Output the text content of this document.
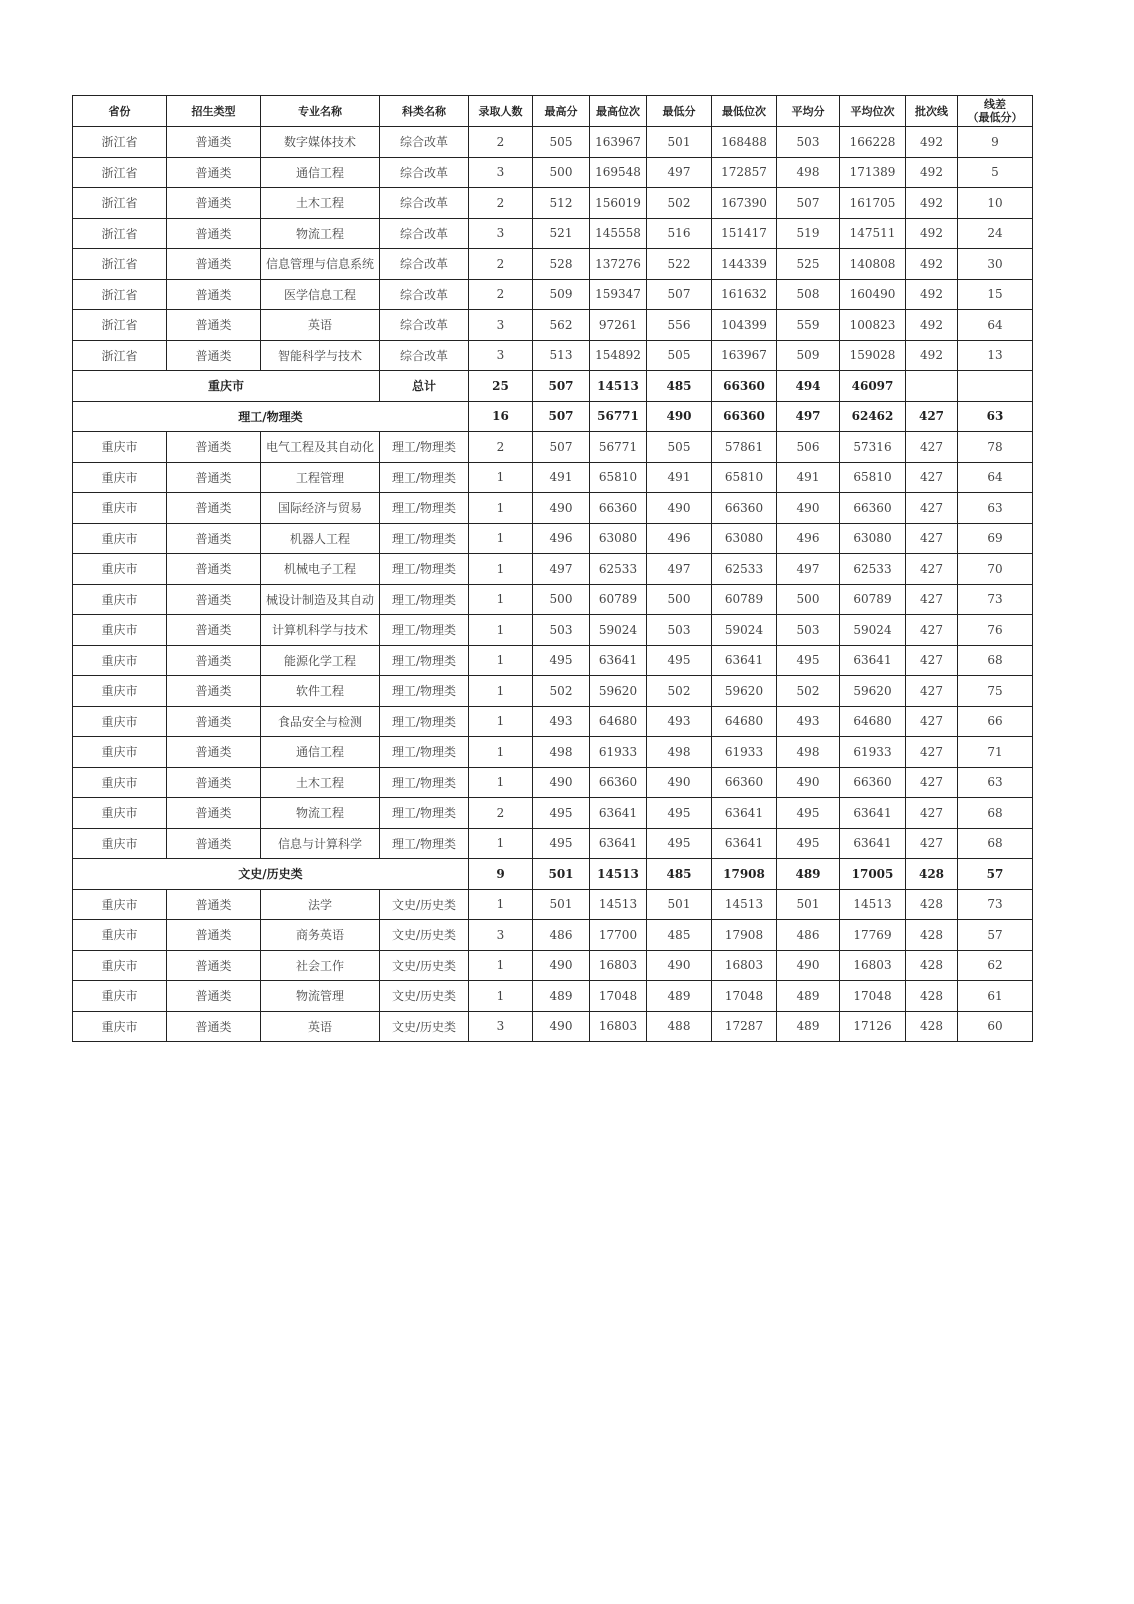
省份	招生类型	专业名称	科类名称	录取人数	最高分	最高位次	最低分	最低位次	平均分	平均位次	批次线	线差
（最低分）
浙江省	普通类	数字媒体技术	综合改革	2	505	163967	501	168488	503	166228	492	9
浙江省	普通类	通信工程	综合改革	3	500	169548	497	172857	498	171389	492	5
浙江省	普通类	土木工程	综合改革	2	512	156019	502	167390	507	161705	492	10
浙江省	普通类	物流工程	综合改革	3	521	145558	516	151417	519	147511	492	24
浙江省	普通类	信息管理与信息系统	综合改革	2	528	137276	522	144339	525	140808	492	30
浙江省	普通类	医学信息工程	综合改革	2	509	159347	507	161632	508	160490	492	15
浙江省	普通类	英语	综合改革	3	562	97261	556	104399	559	100823	492	64
浙江省	普通类	智能科学与技术	综合改革	3	513	154892	505	163967	509	159028	492	13
重庆市			总计	25	507	14513	485	66360	494	46097		
理工/物理类				16	507	56771	490	66360	497	62462	427	63
重庆市	普通类	电气工程及其自动化	理工/物理类	2	507	56771	505	57861	506	57316	427	78
重庆市	普通类	工程管理	理工/物理类	1	491	65810	491	65810	491	65810	427	64
重庆市	普通类	国际经济与贸易	理工/物理类	1	490	66360	490	66360	490	66360	427	63
重庆市	普通类	机器人工程	理工/物理类	1	496	63080	496	63080	496	63080	427	69
重庆市	普通类	机械电子工程	理工/物理类	1	497	62533	497	62533	497	62533	427	70
重庆市	普通类	械设计制造及其自动	理工/物理类	1	500	60789	500	60789	500	60789	427	73
重庆市	普通类	计算机科学与技术	理工/物理类	1	503	59024	503	59024	503	59024	427	76
重庆市	普通类	能源化学工程	理工/物理类	1	495	63641	495	63641	495	63641	427	68
重庆市	普通类	软件工程	理工/物理类	1	502	59620	502	59620	502	59620	427	75
重庆市	普通类	食品安全与检测	理工/物理类	1	493	64680	493	64680	493	64680	427	66
重庆市	普通类	通信工程	理工/物理类	1	498	61933	498	61933	498	61933	427	71
重庆市	普通类	土木工程	理工/物理类	1	490	66360	490	66360	490	66360	427	63
重庆市	普通类	物流工程	理工/物理类	2	495	63641	495	63641	495	63641	427	68
重庆市	普通类	信息与计算科学	理工/物理类	1	495	63641	495	63641	495	63641	427	68
文史/历史类				9	501	14513	485	17908	489	17005	428	57
重庆市	普通类	法学	文史/历史类	1	501	14513	501	14513	501	14513	428	73
重庆市	普通类	商务英语	文史/历史类	3	486	17700	485	17908	486	17769	428	57
重庆市	普通类	社会工作	文史/历史类	1	490	16803	490	16803	490	16803	428	62
重庆市	普通类	物流管理	文史/历史类	1	489	17048	489	17048	489	17048	428	61
重庆市	普通类	英语	文史/历史类	3	490	16803	488	17287	489	17126	428	60
